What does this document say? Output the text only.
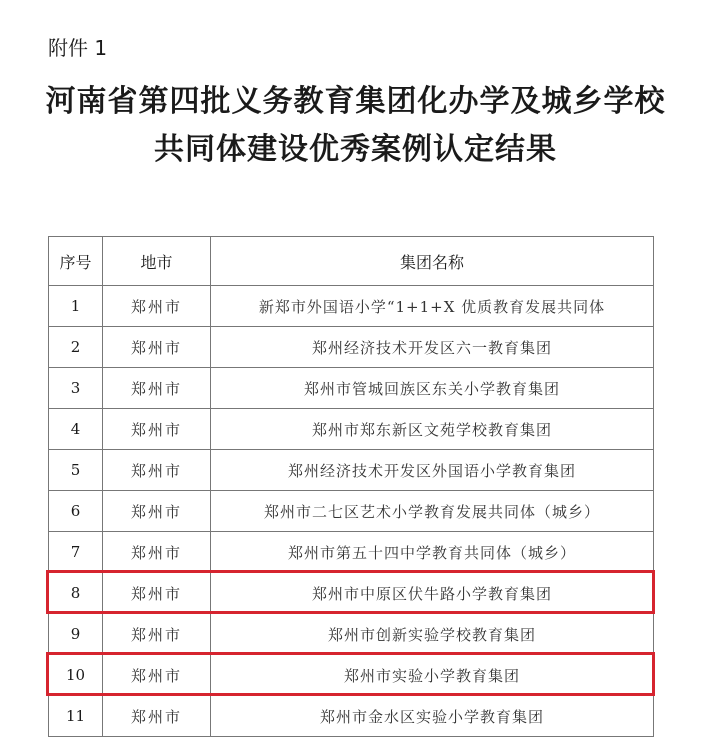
附件 1
河南省第四批义务教育集团化办学及城乡学校
共同体建设优秀案例认定结果
序号	地市	集团名称
1	郑州市	新郑市外国语小学“1+1+X 优质教育发展共同体
2	郑州市	郑州经济技术开发区六一教育集团
3	郑州市	郑州市管城回族区东关小学教育集团
4	郑州市	郑州市郑东新区文苑学校教育集团
5	郑州市	郑州经济技术开发区外国语小学教育集团
6	郑州市	郑州市二七区艺术小学教育发展共同体（城乡）
7	郑州市	郑州市第五十四中学教育共同体（城乡）
8	郑州市	郑州市中原区伏牛路小学教育集团
9	郑州市	郑州市创新实验学校教育集团
10	郑州市	郑州市实验小学教育集团
11	郑州市	郑州市金水区实验小学教育集团
